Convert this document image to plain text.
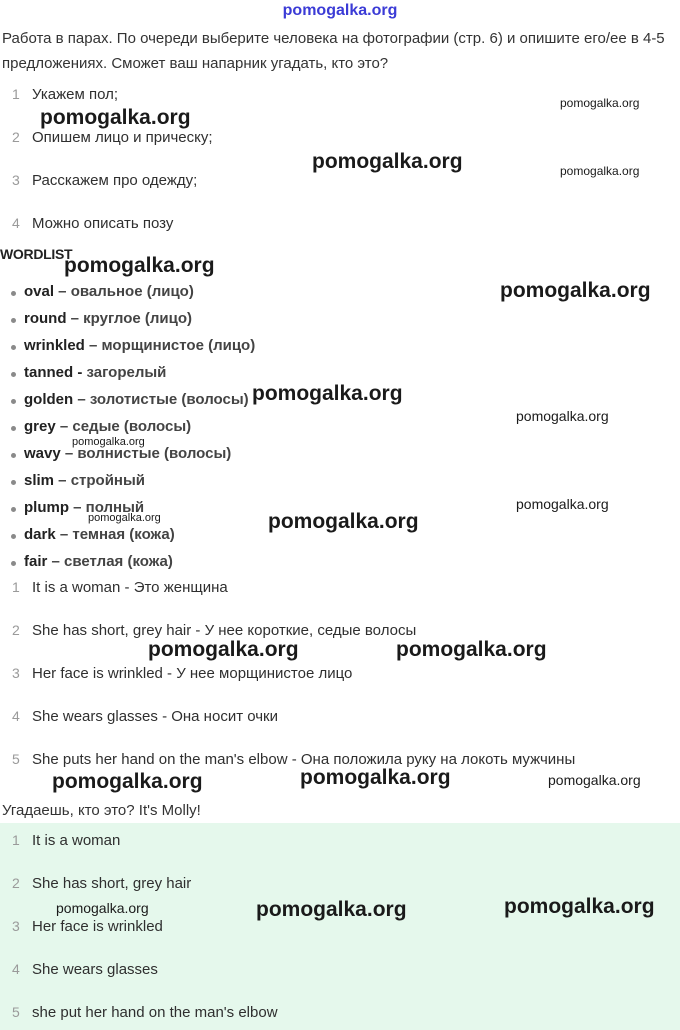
pomogalka.org
Работа в парах. По очереди выберите человека на фотографии (стр. 6) и опишите его/ее в 4-5 предложениях. Сможет ваш напарник угадать, кто это?
1 Укажем пол;
2 Опишем лицо и прическу;
3 Расскажем про одежду;
4 Можно описать позу
WORDLIST
oval – овальное (лицо)
round – круглое (лицо)
wrinkled – морщинистое (лицо)
tanned - загорелый
golden – золотистые (волосы)
grey – седые (волосы)
wavy – волнистые (волосы)
slim – стройный
plump – полный
dark – темная (кожа)
fair – светлая (кожа)
1 It is a woman - Это женщина
2 She has short, grey hair - У нее короткие, седые волосы
3 Her face is wrinkled - У нее морщинистое лицо
4 She wears glasses - Она носит очки
5 She puts her hand on the man's elbow - Она положила руку на локоть мужчины
Угадаешь, кто это? It's Molly!
1 It is a woman
2 She has short, grey hair
3 Her face is wrinkled
4 She wears glasses
5 she put her hand on the man's elbow
pomogalka.org
pomogalka.org
pomogalka.org	pomogalka.org
pomogalka.org
pomogalka.org
pomogalka.org
pomogalka.org
pomogalka.org
pomogalka.org
pomogalka.org	pomogalka.org
pomogalka.org	pomogalka.org
pomogalka.org	pomogalka.org	pomogalka.org
pomogalka.org	pomogalka.org	pomogalka.org
